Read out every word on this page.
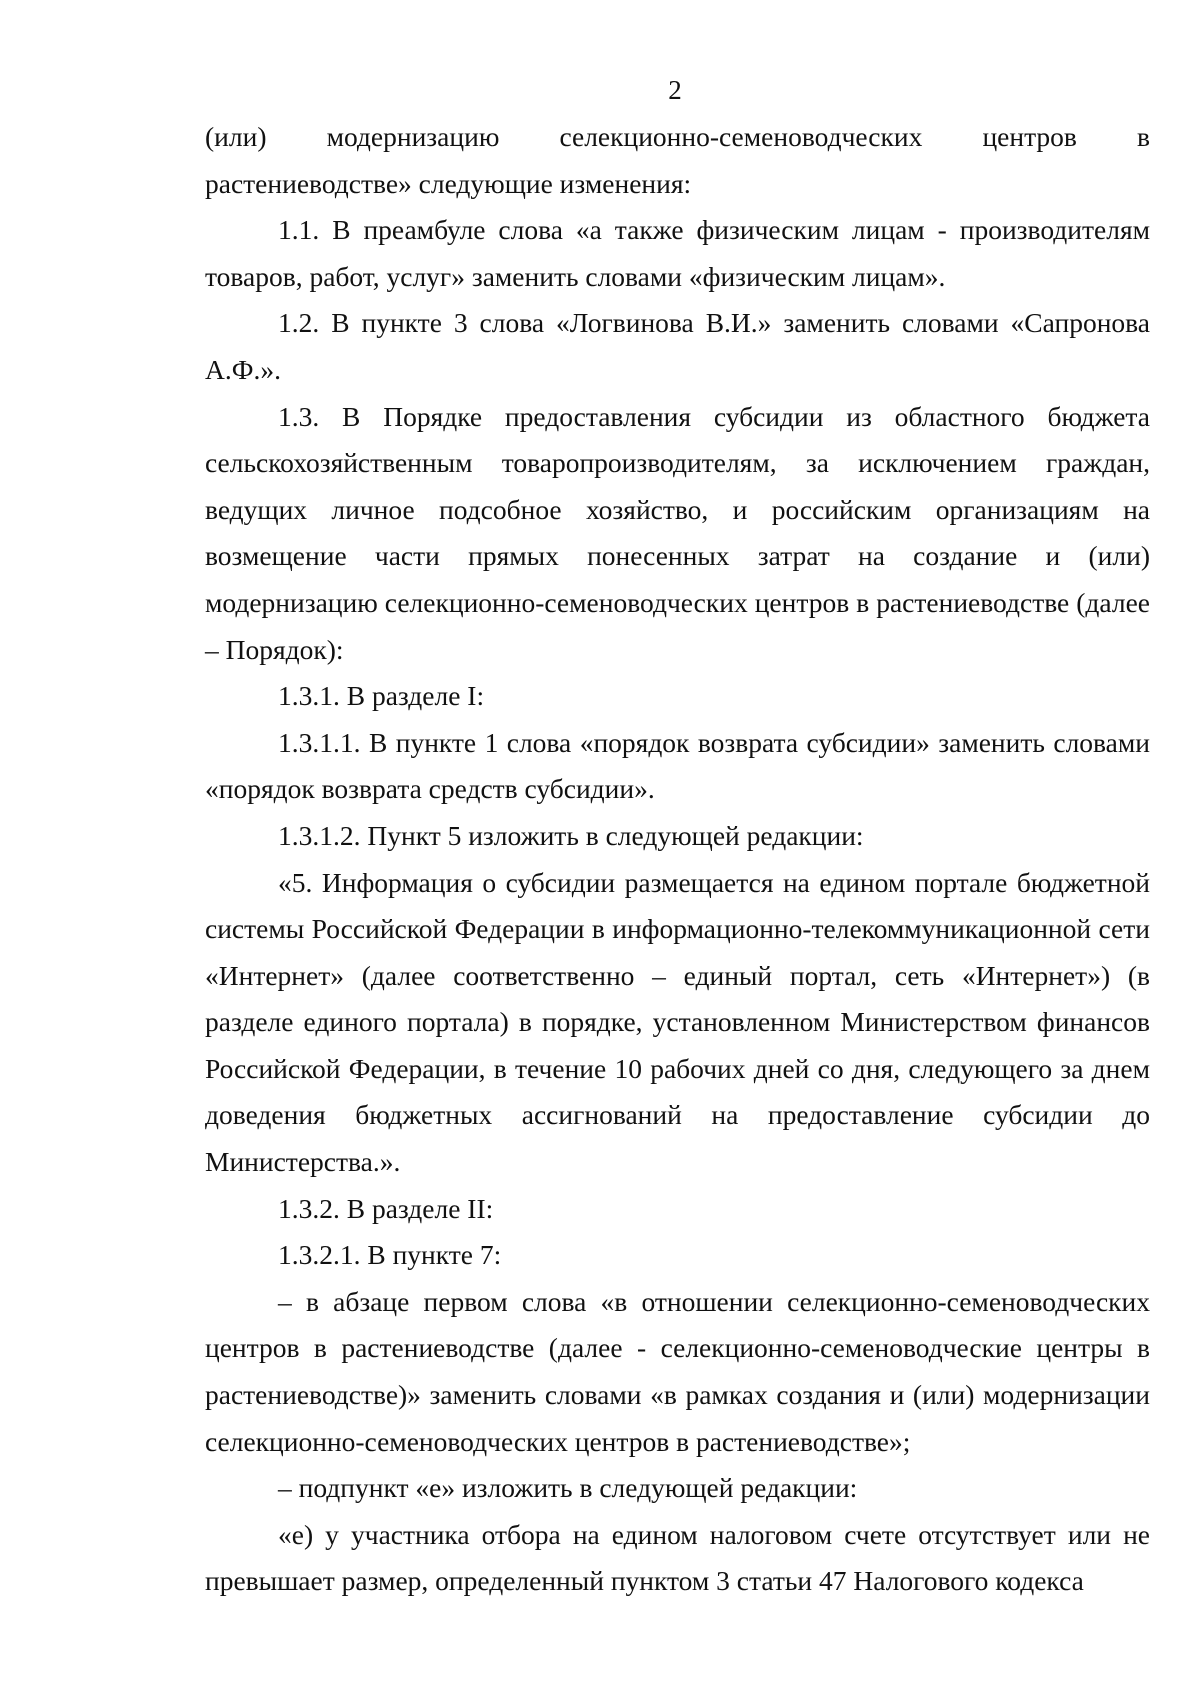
2

(или) модернизацию селекционно-семеноводческих центров в растениеводстве» следующие изменения:

1.1. В преамбуле слова «а также физическим лицам - производителям товаров, работ, услуг» заменить словами «физическим лицам».

1.2. В пункте 3 слова «Логвинова В.И.» заменить словами «Сапронова А.Ф.».

1.3. В Порядке предоставления субсидии из областного бюджета сельскохозяйственным товаропроизводителям, за исключением граждан, ведущих личное подсобное хозяйство, и российским организациям на возмещение части прямых понесенных затрат на создание и (или) модернизацию селекционно-семеноводческих центров в растениеводстве (далее – Порядок):

1.3.1. В разделе I:

1.3.1.1. В пункте 1 слова «порядок возврата субсидии» заменить словами «порядок возврата средств субсидии».

1.3.1.2. Пункт 5 изложить в следующей редакции:

«5. Информация о субсидии размещается на едином портале бюджетной системы Российской Федерации в информационно-телекоммуникационной сети «Интернет» (далее соответственно – единый портал, сеть «Интернет») (в разделе единого портала) в порядке, установленном Министерством финансов Российской Федерации, в течение 10 рабочих дней со дня, следующего за днем доведения бюджетных ассигнований на предоставление субсидии до Министерства.».

1.3.2. В разделе II:

1.3.2.1. В пункте 7:

– в абзаце первом слова «в отношении селекционно-семеноводческих центров в растениеводстве (далее - селекционно-семеноводческие центры в растениеводстве)» заменить словами «в рамках создания и (или) модернизации селекционно-семеноводческих центров в растениеводстве»;

– подпункт «е» изложить в следующей редакции:

«е) у участника отбора на едином налоговом счете отсутствует или не превышает размер, определенный пунктом 3 статьи 47 Налогового кодекса
